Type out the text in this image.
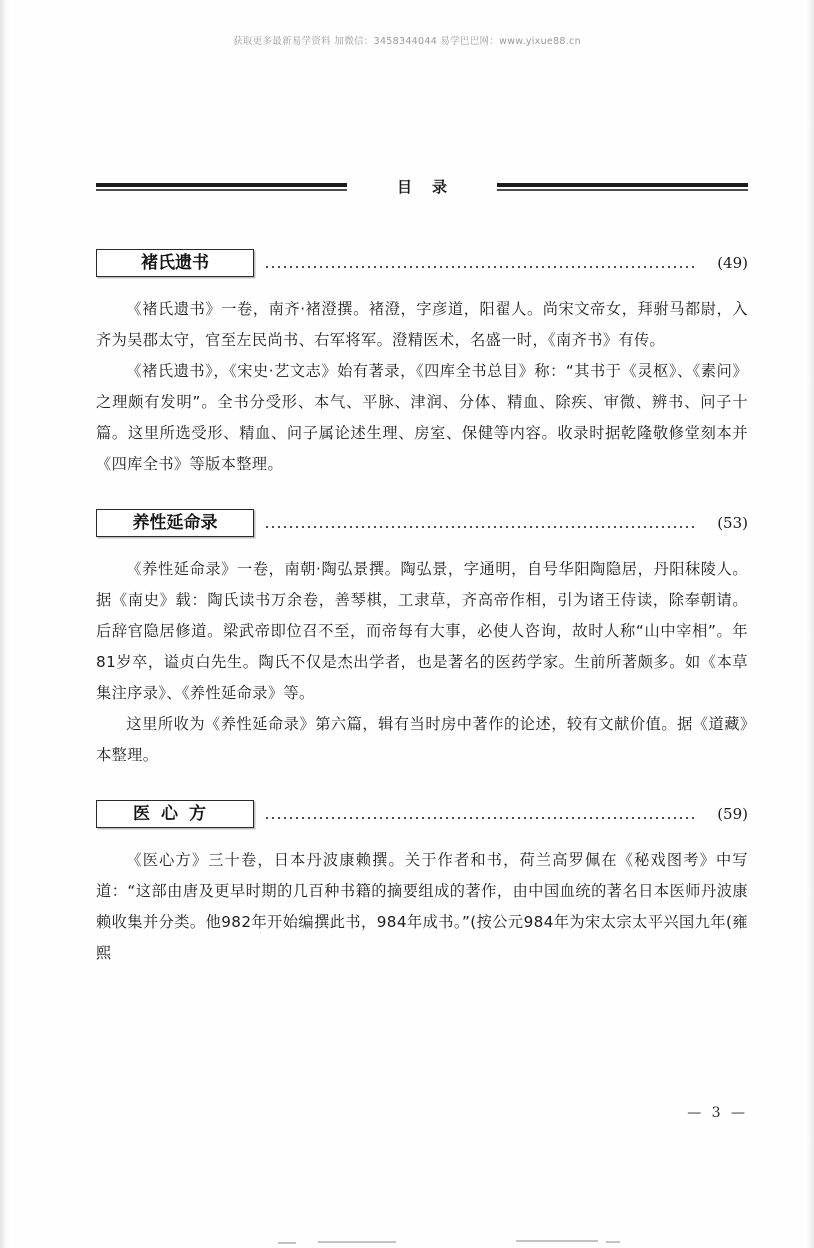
获取更多最新易学资料 加微信：3458344044 易学巴巴网：www.yixue88.cn
目录
褚氏遗书	(49)

《褚氏遗书》一卷，南齐·褚澄撰。褚澄，字彦道，阳翟人。尚宋文帝女，拜驸马都尉，入齐为吴郡太守，官至左民尚书、右军将军。澄精医术，名盛一时，《南齐书》有传。

《褚氏遗书》，《宋史·艺文志》始有著录，《四库全书总目》称：“其书于《灵枢》、《素问》之理颇有发明”。全书分受形、本气、平脉、津润、分体、精血、除疾、审微、辨书、问子十篇。这里所选受形、精血、问子属论述生理、房室、保健等内容。收录时据乾隆敬修堂刻本并《四库全书》等版本整理。

养性延命录	(53)

《养性延命录》一卷，南朝·陶弘景撰。陶弘景，字通明，自号华阳陶隐居，丹阳秣陵人。据《南史》载：陶氏读书万余卷，善琴棋，工隶草，齐高帝作相，引为诸王侍读，除奉朝请。后辞官隐居修道。梁武帝即位召不至，而帝每有大事，必使人咨询，故时人称“山中宰相”。年81岁卒，谥贞白先生。陶氏不仅是杰出学者，也是著名的医药学家。生前所著颇多。如《本草集注序录》、《养性延命录》等。

这里所收为《养性延命录》第六篇，辑有当时房中著作的论述，较有文献价值。据《道藏》本整理。

医心方	(59)

《医心方》三十卷，日本丹波康赖撰。关于作者和书，荷兰高罗佩在《秘戏图考》中写道：“这部由唐及更早时期的几百种书籍的摘要组成的著作，由中国血统的著名日本医师丹波康赖收集并分类。他982年开始编撰此书，984年成书。”(按公元984年为宋太宗太平兴国九年(雍熙

— 3 —
